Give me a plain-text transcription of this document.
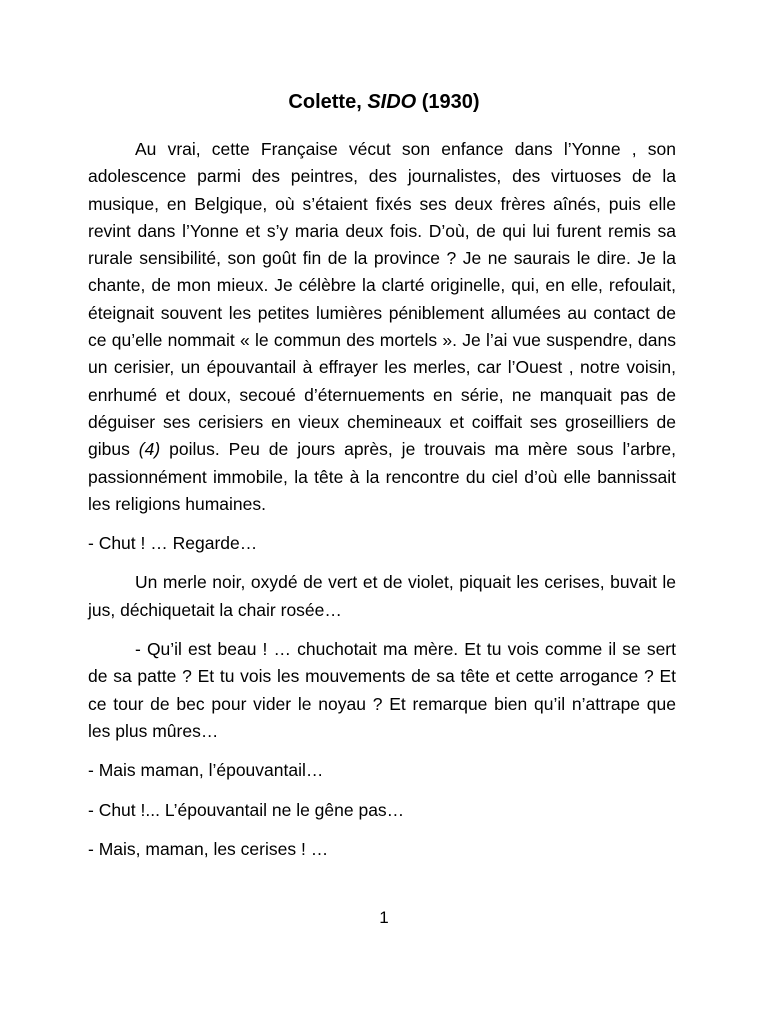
Colette, SIDO (1930)

Au vrai, cette Française vécut son enfance dans l’Yonne , son adolescence parmi des peintres, des journalistes, des virtuoses de la musique, en Belgique, où s’étaient fixés ses deux frères aînés, puis elle revint dans l’Yonne et s’y maria deux fois. D’où, de qui lui furent remis sa rurale sensibilité, son goût fin de la province ? Je ne saurais le dire. Je la chante, de mon mieux. Je célèbre la clarté originelle, qui, en elle, refoulait, éteignait souvent les petites lumières péniblement allumées au contact de ce qu’elle nommait « le commun des mortels ». Je l’ai vue suspendre, dans un cerisier, un épouvantail à effrayer les merles, car l’Ouest , notre voisin, enrhumé et doux, secoué d’éternuements en série, ne manquait pas de déguiser ses cerisiers en vieux chemineaux et coiffait ses groseilliers de gibus (4) poilus. Peu de jours après, je trouvais ma mère sous l’arbre, passionnément immobile, la tête à la rencontre du ciel d’où elle bannissait les religions humaines.

- Chut ! … Regarde…

Un merle noir, oxydé de vert et de violet, piquait les cerises, buvait le jus, déchiquetait la chair rosée…

- Qu’il est beau ! … chuchotait ma mère. Et tu vois comme il se sert de sa patte ? Et tu vois les mouvements de sa tête et cette arrogance ? Et ce tour de bec pour vider le noyau ? Et remarque bien qu’il n’attrape que les plus mûres…

- Mais maman, l’épouvantail…

- Chut !... L’épouvantail ne le gêne pas…

- Mais, maman, les cerises ! …

1
